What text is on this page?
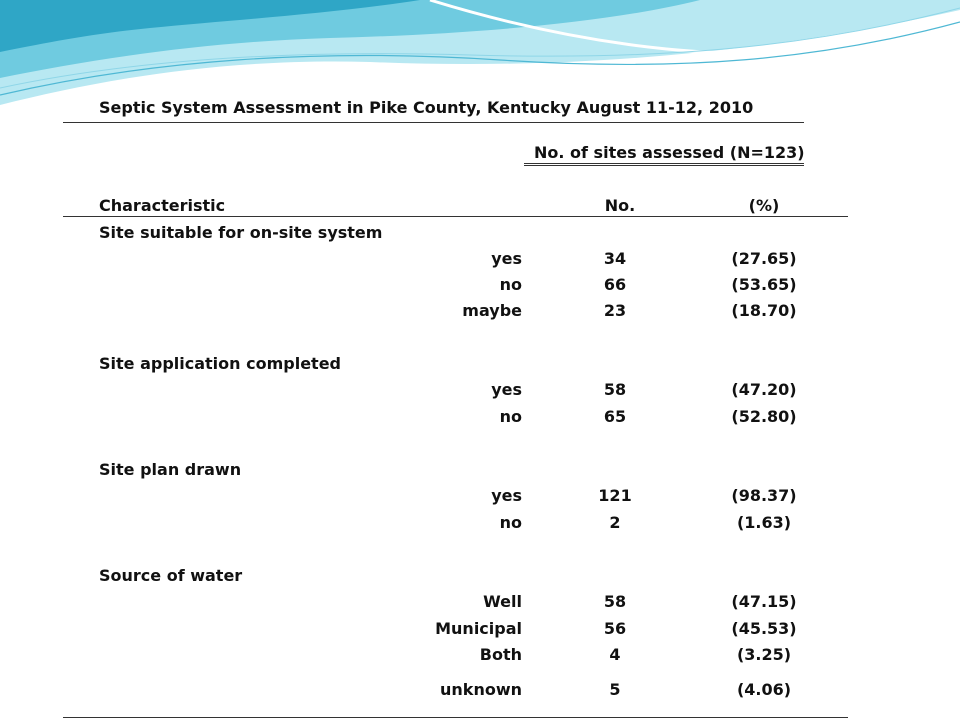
Septic System Assessment in Pike County, Kentucky August 11-12, 2010
No. of sites assessed (N=123)
Characteristic	No.	(%)
Site suitable for on-site system
yes	34	(27.65)
no	66	(53.65)
maybe	23	(18.70)
Site application completed
yes	58	(47.20)
no	65	(52.80)
Site plan drawn
yes	121	(98.37)
no	2	(1.63)
Source of water
Well	58	(47.15)
Municipal	56	(45.53)
Both	4	(3.25)
unknown	5	(4.06)
